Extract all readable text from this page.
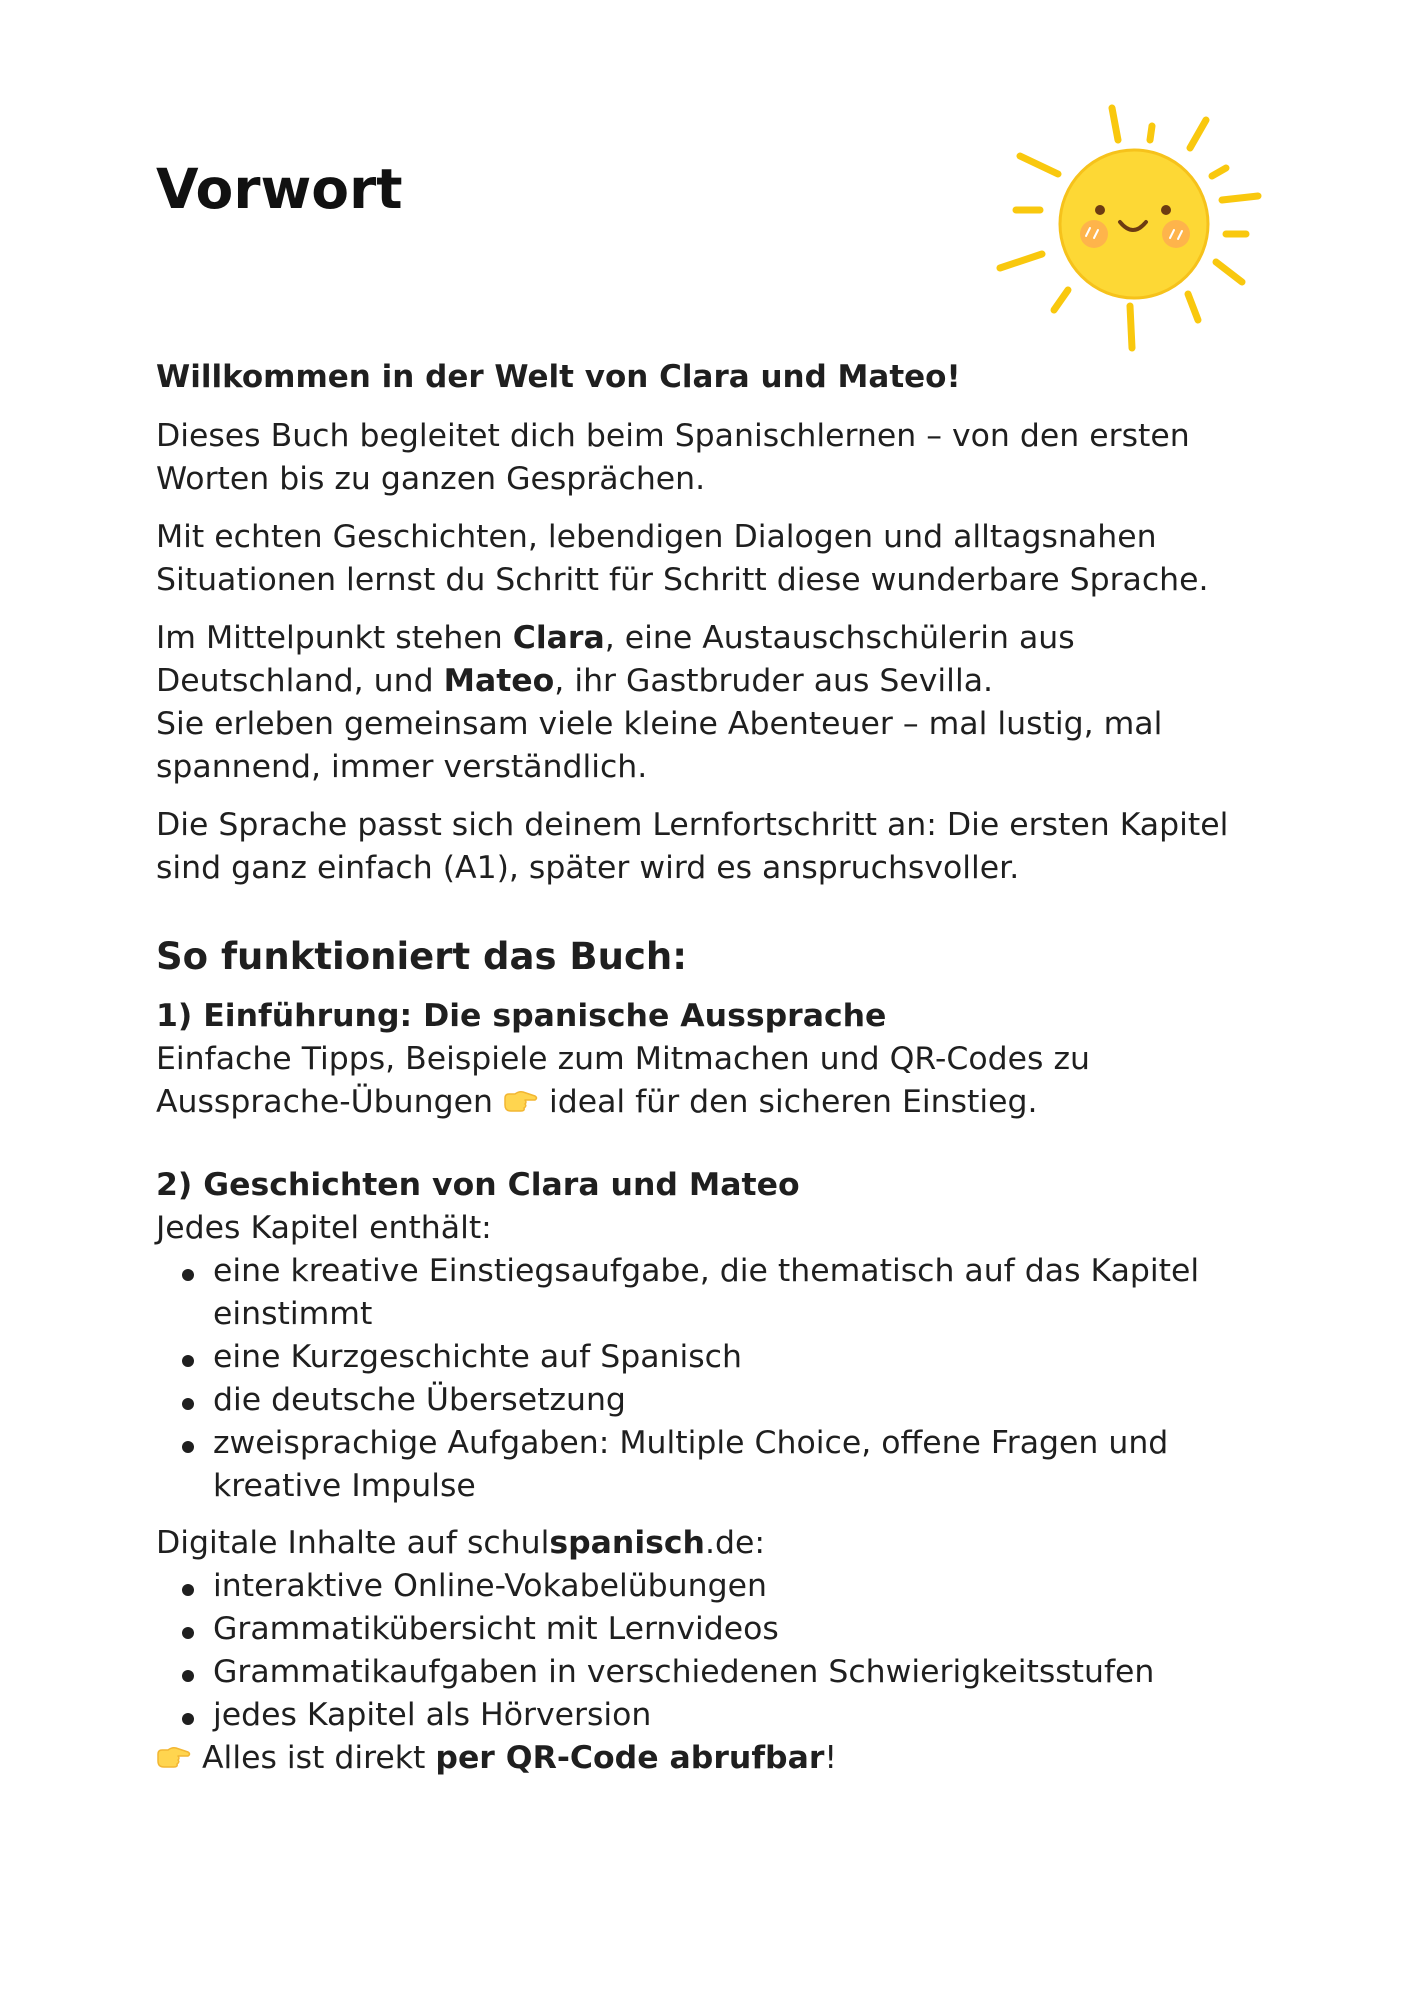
Vorwort

Willkommen in der Welt von Clara und Mateo!

Dieses Buch begleitet dich beim Spanischlernen – von den ersten Worten bis zu ganzen Gesprächen.

Mit echten Geschichten, lebendigen Dialogen und alltagsnahen Situationen lernst du Schritt für Schritt diese wunderbare Sprache.

Im Mittelpunkt stehen Clara, eine Austauschschülerin aus Deutschland, und Mateo, ihr Gastbruder aus Sevilla.
Sie erleben gemeinsam viele kleine Abenteuer – mal lustig, mal spannend, immer verständlich.

Die Sprache passt sich deinem Lernfortschritt an: Die ersten Kapitel sind ganz einfach (A1), später wird es anspruchsvoller.

So funktioniert das Buch:

1) Einführung: Die spanische Aussprache

Einfache Tipps, Beispiele zum Mitmachen und QR-Codes zu Aussprache-Übungen  ideal für den sicheren Einstieg.

2) Geschichten von Clara und Mateo

Jedes Kapitel enthält:

eine kreative Einstiegsaufgabe, die thematisch auf das Kapitel einstimmt
eine Kurzgeschichte auf Spanisch
die deutsche Übersetzung
zweisprachige Aufgaben: Multiple Choice, offene Fragen und kreative Impulse

Digitale Inhalte auf schulspanisch.de:

interaktive Online-Vokabelübungen
Grammatikübersicht mit Lernvideos
Grammatikaufgaben in verschiedenen Schwierigkeitsstufen
jedes Kapitel als Hörversion

Alles ist direkt per QR-Code abrufbar!
